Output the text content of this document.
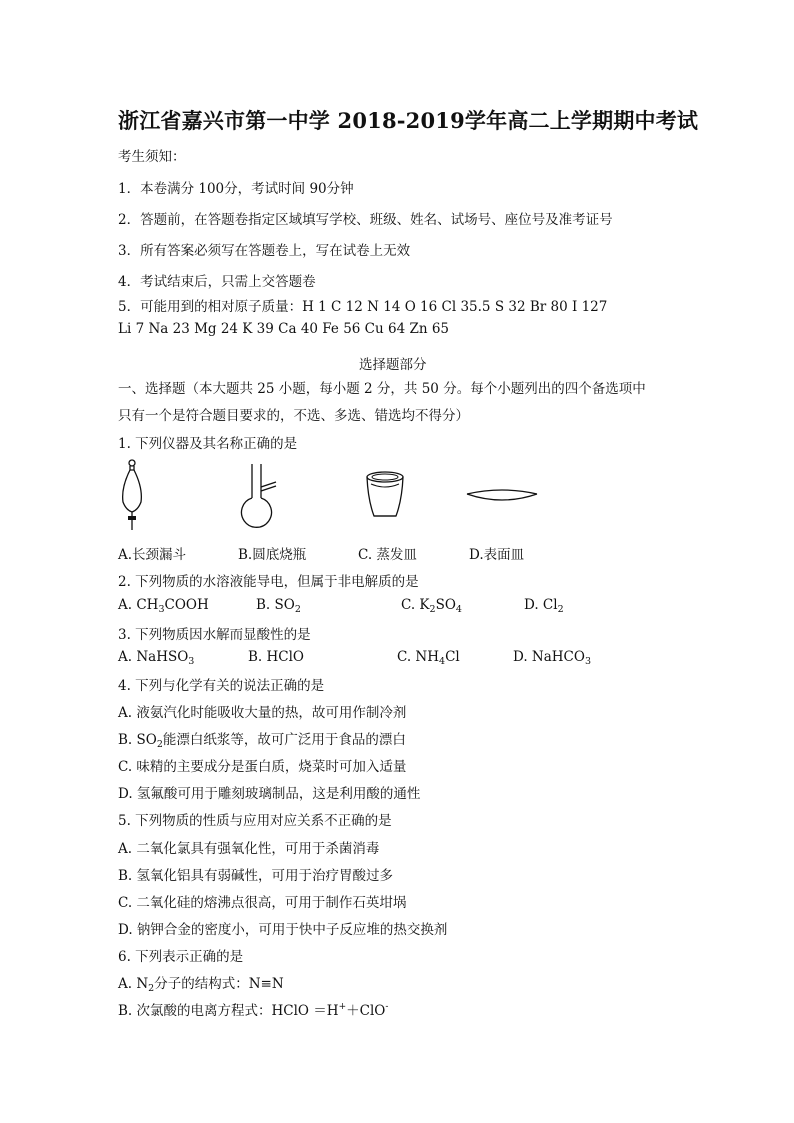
浙江省嘉兴市第一中学 2018-2019学年高二上学期期中考试
考生须知：
1．本卷满分 100分，考试时间 90分钟
2．答题前，在答题卷指定区域填写学校、班级、姓名、试场号、座位号及准考证号
3．所有答案必须写在答题卷上，写在试卷上无效
4．考试结束后，只需上交答题卷
5．可能用到的相对原子质量：H 1 C 12 N 14 O 16 Cl 35.5 S 32 Br 80 I 127
Li 7 Na 23 Mg 24 K 39 Ca 40 Fe 56 Cu 64 Zn 65
选择题部分
一、选择题（本大题共 25 小题，每小题 2 分，共 50 分。每个小题列出的四个备选项中
只有一个是符合题目要求的，不选、多选、错选均不得分）
1. 下列仪器及其名称正确的是
A.长颈漏斗	B.圆底烧瓶	C. 蒸发皿	D.表面皿
2. 下列物质的水溶液能导电，但属于非电解质的是
A. $CH_3COOH$	B. $SO_2$	C. $K_2SO_4$	D. $Cl_2$
3. 下列物质因水解而显酸性的是
A. NaHSO$_3$	B. HClO	C. $NH_4Cl$	D. NaHCO$_3$
4. 下列与化学有关的说法正确的是
A. 液氨汽化时能吸收大量的热，故可用作制冷剂
B. $SO_2$能漂白纸浆等，故可广泛用于食品的漂白
C. 味精的主要成分是蛋白质，烧菜时可加入适量
D. 氢氟酸可用于雕刻玻璃制品，这是利用酸的通性
5. 下列物质的性质与应用对应关系不正确的是
A. 二氧化氯具有强氧化性，可用于杀菌消毒
B. 氢氧化铝具有弱碱性，可用于治疗胃酸过多
C. 二氧化硅的熔沸点很高，可用于制作石英坩埚
D. 钠钾合金的密度小，可用于快中子反应堆的热交换剂
6. 下列表示正确的是
A. $N_2$分子的结构式：N≡N
B. 次氯酸的电离方程式：HClO ＝H+＋ClO-
